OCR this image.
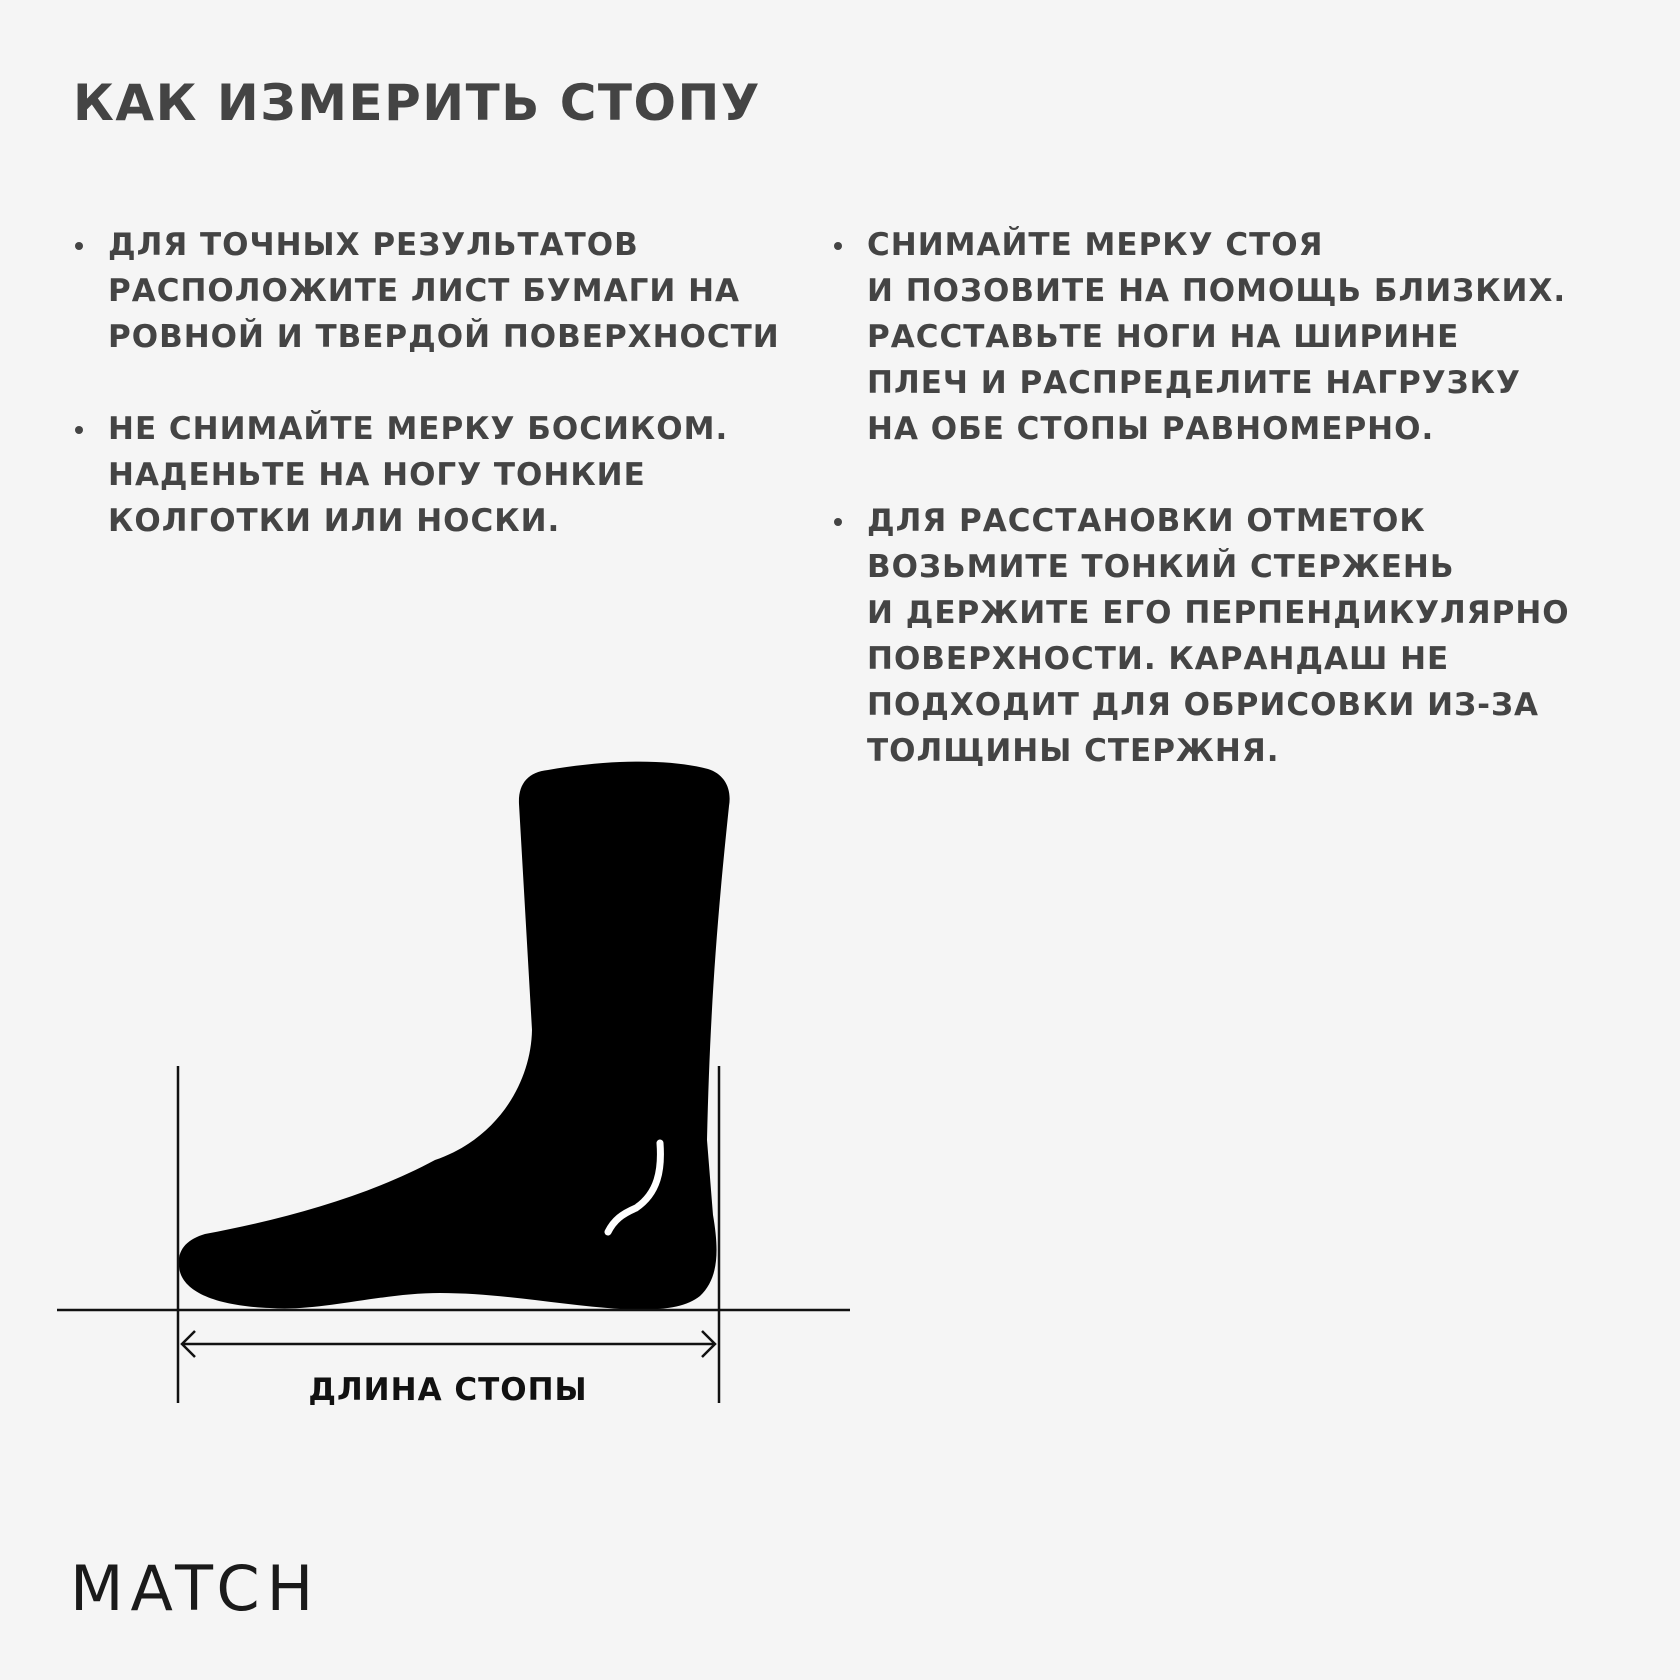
КАК ИЗМЕРИТЬ СТОПУ
ДЛЯ ТОЧНЫХ РЕЗУЛЬТАТОВ
РАСПОЛОЖИТЕ ЛИСТ БУМАГИ НА
РОВНОЙ И ТВЕРДОЙ ПОВЕРХНОСТИ
НЕ СНИМАЙТЕ МЕРКУ БОСИКОМ.
НАДЕНЬТЕ НА НОГУ ТОНКИЕ
КОЛГОТКИ ИЛИ НОСКИ.
СНИМАЙТЕ МЕРКУ СТОЯ
И ПОЗОВИТЕ НА ПОМОЩЬ БЛИЗКИХ.
РАССТАВЬТЕ НОГИ НА ШИРИНЕ
ПЛЕЧ И РАСПРЕДЕЛИТЕ НАГРУЗКУ
НА ОБЕ СТОПЫ РАВНОМЕРНО.
ДЛЯ РАССТАНОВКИ ОТМЕТОК
ВОЗЬМИТЕ ТОНКИЙ СТЕРЖЕНЬ
И ДЕРЖИТЕ ЕГО ПЕРПЕНДИКУЛЯРНО
ПОВЕРХНОСТИ. КАРАНДАШ НЕ
ПОДХОДИТ ДЛЯ ОБРИСОВКИ ИЗ-ЗА
ТОЛЩИНЫ СТЕРЖНЯ.
ДЛИНА СТОПЫ
MATCH
